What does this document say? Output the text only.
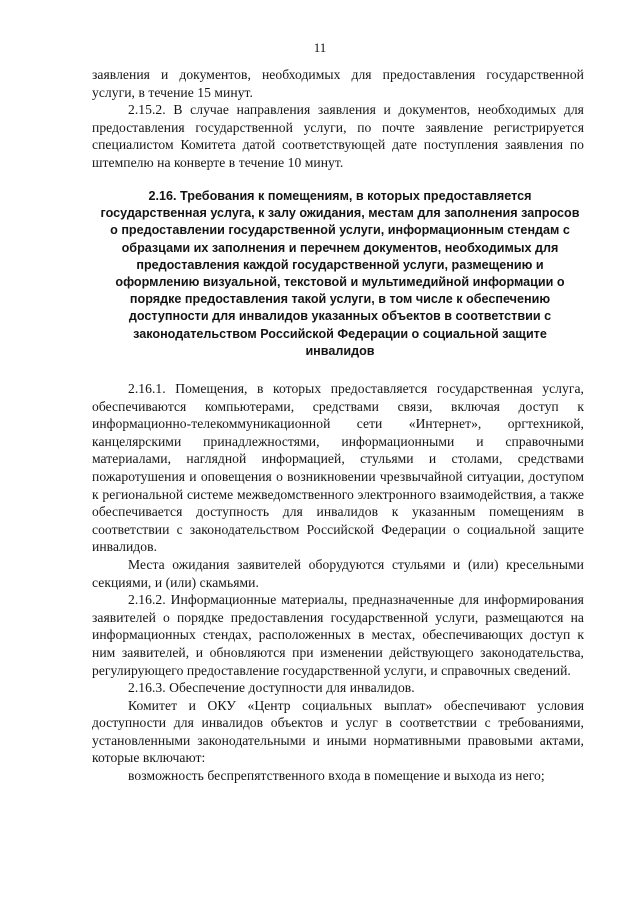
11

заявления и документов, необходимых для предоставления государственной услуги, в течение 15 минут.

2.15.2. В случае направления заявления и документов, необходимых для предоставления государственной услуги, по почте заявление регистрируется специалистом Комитета датой соответствующей дате поступления заявления по штемпелю на конверте в течение 10 минут.

2.16. Требования к помещениям, в которых предоставляется государственная услуга, к залу ожидания, местам для заполнения запросов о предоставлении государственной услуги, информационным стендам с образцами их заполнения и перечнем документов, необходимых для предоставления каждой государственной услуги, размещению и оформлению визуальной, текстовой и мультимедийной информации о порядке предоставления такой услуги, в том числе к обеспечению доступности для инвалидов указанных объектов в соответствии с законодательством Российской Федерации о социальной защите инвалидов

2.16.1. Помещения, в которых предоставляется государственная услуга, обеспечиваются компьютерами, средствами связи, включая доступ к информационно-телекоммуникационной сети «Интернет», оргтехникой, канцелярскими принадлежностями, информационными и справочными материалами, наглядной информацией, стульями и столами, средствами пожаротушения и оповещения о возникновении чрезвычайной ситуации, доступом к региональной системе межведомственного электронного взаимодействия, а также обеспечивается доступность для инвалидов к указанным помещениям в соответствии с законодательством Российской Федерации о социальной защите инвалидов.

Места ожидания заявителей оборудуются стульями и (или) кресельными секциями, и (или) скамьями.

2.16.2. Информационные материалы, предназначенные для информирования заявителей о порядке предоставления государственной услуги, размещаются на информационных стендах, расположенных в местах, обеспечивающих доступ к ним заявителей, и обновляются при изменении действующего законодательства, регулирующего предоставление государственной услуги, и справочных сведений.

2.16.3. Обеспечение доступности для инвалидов.

Комитет и ОКУ «Центр социальных выплат» обеспечивают условия доступности для инвалидов объектов и услуг в соответствии с требованиями, установленными законодательными и иными нормативными правовыми актами, которые включают:

возможность беспрепятственного входа в помещение и выхода из него;
